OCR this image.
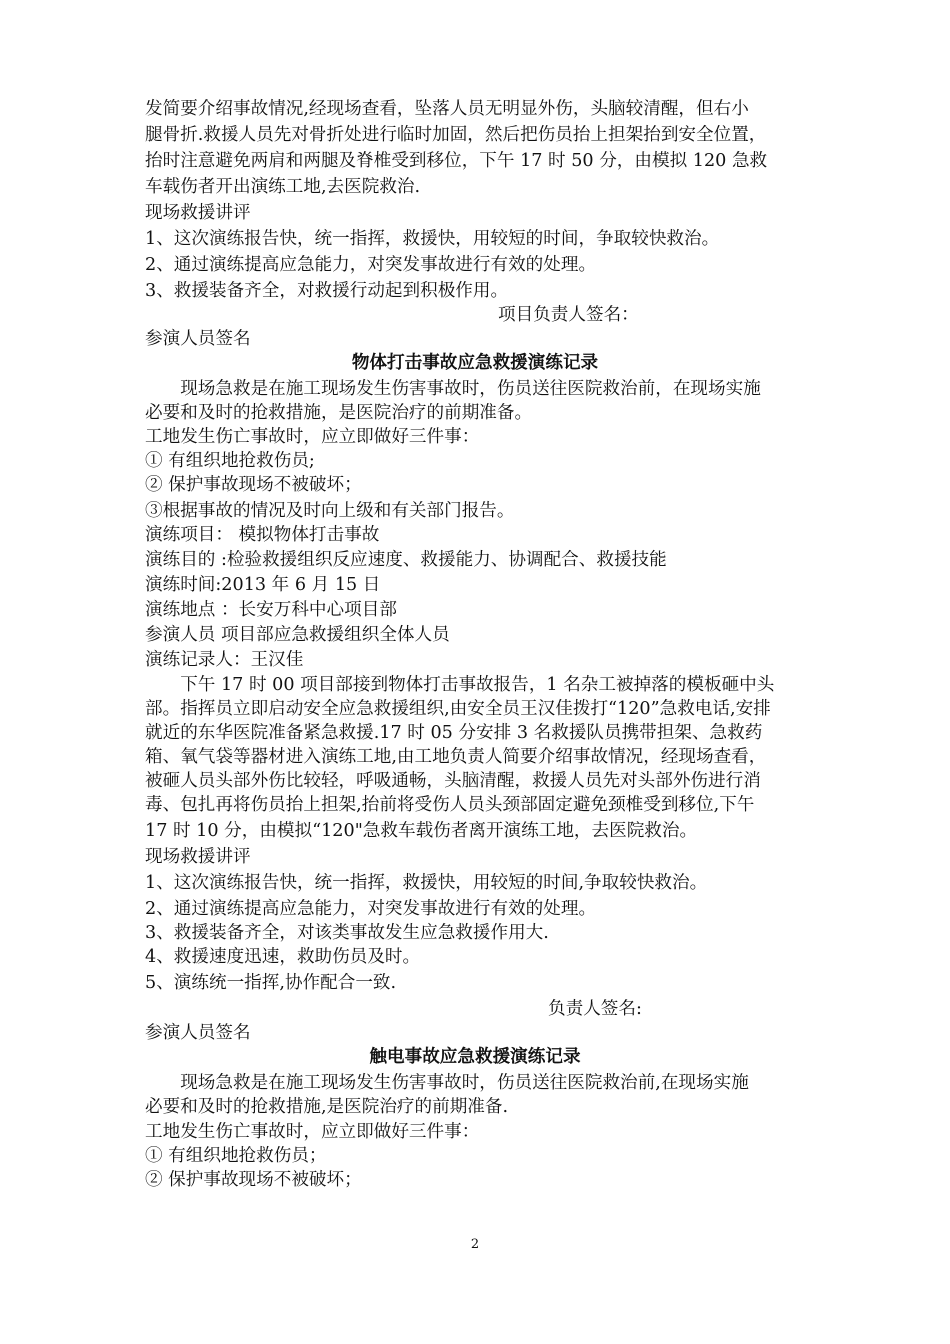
发简要介绍事故情况,经现场查看，坠落人员无明显外伤，头脑较清醒，但右小
腿骨折.救援人员先对骨折处进行临时加固，然后把伤员抬上担架抬到安全位置，
抬时注意避免两肩和两腿及脊椎受到移位，下午 17 时 50 分，由模拟 120 急救
车载伤者开出演练工地,去医院救治.
现场救援讲评
1、这次演练报告快，统一指挥，救援快，用较短的时间，争取较快救治。
2、通过演练提高应急能力，对突发事故进行有效的处理。
3、救援装备齐全，对救援行动起到积极作用。
项目负责人签名：
参演人员签名
物体打击事故应急救援演练记录
　　现场急救是在施工现场发生伤害事故时，伤员送往医院救治前，在现场实施
必要和及时的抢救措施，是医院治疗的前期准备。
工地发生伤亡事故时，应立即做好三件事：
① 有组织地抢救伤员;
② 保护事故现场不被破坏；
③根据事故的情况及时向上级和有关部门报告。
演练项目： 模拟物体打击事故
演练目的 :检验救援组织反应速度、救援能力、协调配合、救援技能
演练时间:2013 年 6 月 15 日
演练地点 ：长安万科中心项目部
参演人员 项目部应急救援组织全体人员
演练记录人：王汉佳
　　下午 17 时 00 项目部接到物体打击事故报告，1 名杂工被掉落的模板砸中头
部。指挥员立即启动安全应急救援组织,由安全员王汉佳拨打“120”急救电话,安排
就近的东华医院准备紧急救援.17 时 05 分安排 3 名救援队员携带担架、急救药
箱、氧气袋等器材进入演练工地,由工地负责人简要介绍事故情况，经现场查看，
被砸人员头部外伤比较轻，呼吸通畅，头脑清醒，救援人员先对头部外伤进行消
毒、包扎再将伤员抬上担架,抬前将受伤人员头颈部固定避免颈椎受到移位,下午
17 时 10 分，由模拟“120"急救车载伤者离开演练工地，去医院救治。
现场救援讲评
1、这次演练报告快，统一指挥，救援快，用较短的时间,争取较快救治。
2、通过演练提高应急能力，对突发事故进行有效的处理。
3、救援装备齐全，对该类事故发生应急救援作用大.
4、救援速度迅速，救助伤员及时。
5、演练统一指挥,协作配合一致.
负责人签名:
参演人员签名
触电事故应急救援演练记录
　　现场急救是在施工现场发生伤害事故时，伤员送往医院救治前,在现场实施
必要和及时的抢救措施,是医院治疗的前期准备.
工地发生伤亡事故时，应立即做好三件事：
① 有组织地抢救伤员；
② 保护事故现场不被破坏；
2
